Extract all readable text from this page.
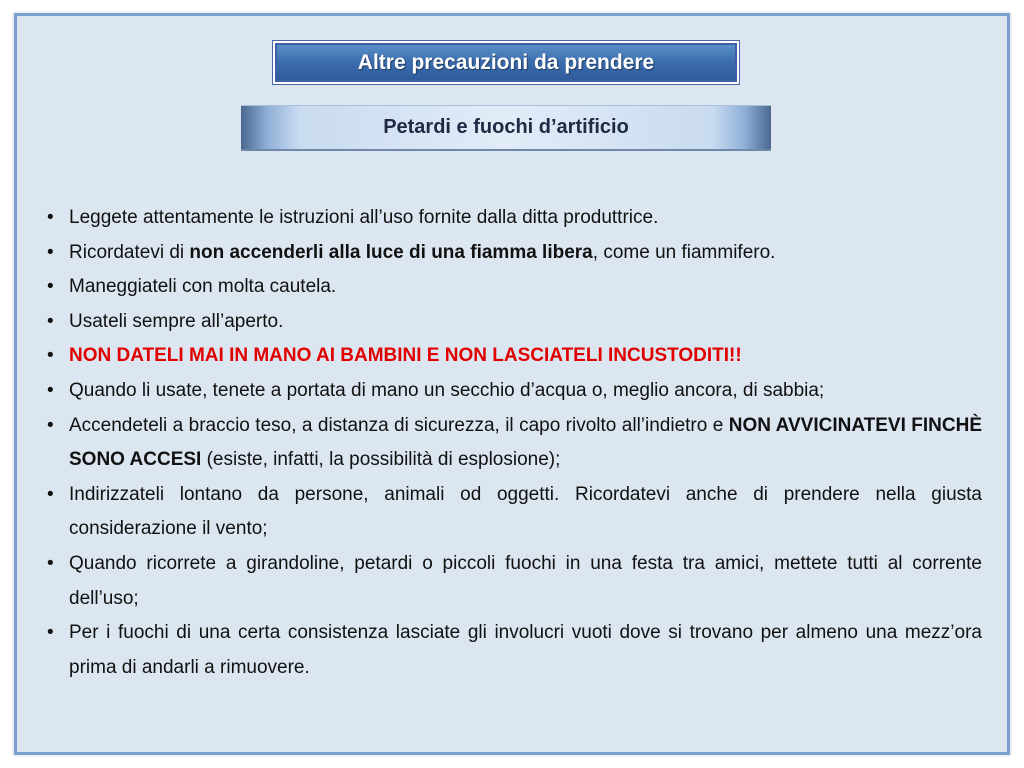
Altre precauzioni da prendere
Petardi e fuochi d’artificio
• Leggete attentamente le istruzioni all’uso fornite dalla ditta produttrice.
• Ricordatevi di non accenderli alla luce di una fiamma libera, come un fiammifero.
• Maneggiateli con molta cautela.
• Usateli sempre all’aperto.
• NON DATELI MAI IN MANO AI BAMBINI E NON LASCIATELI INCUSTODITI!!
• Quando li usate, tenete a portata di mano un secchio d’acqua o, meglio ancora, di sabbia;
• Accendeteli a braccio teso, a distanza di sicurezza, il capo rivolto all’indietro e NON AVVICINATEVI FINCHÈ SONO ACCESI (esiste, infatti, la possibilità di esplosione);
• Indirizzateli lontano da persone, animali od oggetti. Ricordatevi anche di prendere nella giusta considerazione il vento;
• Quando ricorrete a girandoline, petardi o piccoli fuochi in una festa tra amici, mettete tutti al corrente dell’uso;
• Per i fuochi di una certa consistenza lasciate gli involucri vuoti dove si trovano per almeno una mezz’ora prima di andarli a rimuovere.
